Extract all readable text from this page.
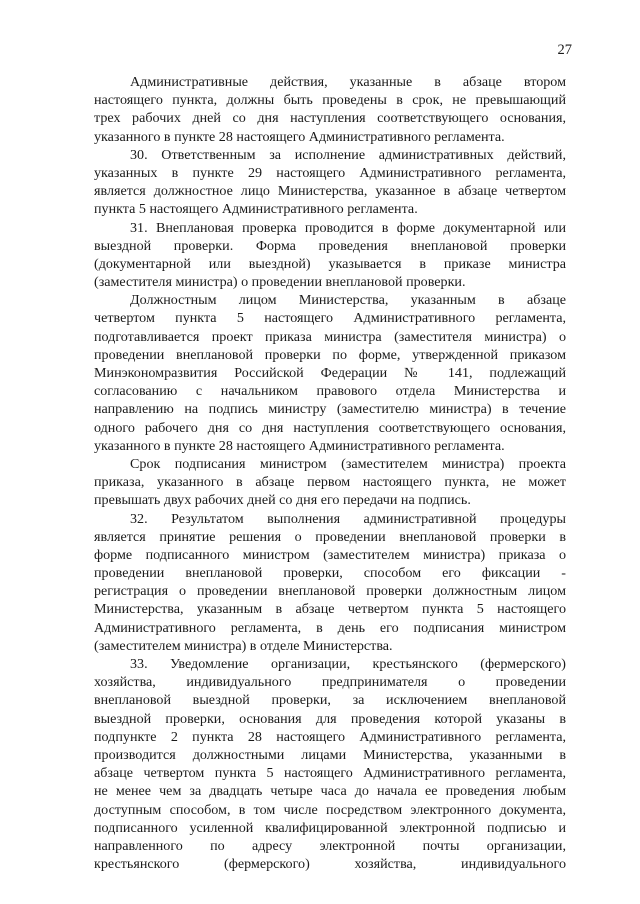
27
Административные действия, указанные в абзаце втором
настоящего пункта, должны быть проведены в срок, не превышающий
трех рабочих дней со дня наступления соответствующего основания,
указанного в пункте 28 настоящего Административного регламента.
30. Ответственным за исполнение административных действий,
указанных в пункте 29 настоящего Административного регламента,
является должностное лицо Министерства, указанное в абзаце четвертом
пункта 5 настоящего Административного регламента.
31. Внеплановая проверка проводится в форме документарной или
выездной проверки. Форма проведения внеплановой проверки
(документарной или выездной) указывается в приказе министра
(заместителя министра) о проведении внеплановой проверки.
Должностным лицом Министерства, указанным в абзаце
четвертом пункта 5 настоящего Административного регламента,
подготавливается проект приказа министра (заместителя министра) о
проведении внеплановой проверки по форме, утвержденной приказом
Минэкономразвития Российской Федерации № 141, подлежащий
согласованию с начальником правового отдела Министерства и
направлению на подпись министру (заместителю министра) в течение
одного рабочего дня со дня наступления соответствующего основания,
указанного в пункте 28 настоящего Административного регламента.
Срок подписания министром (заместителем министра) проекта
приказа, указанного в абзаце первом настоящего пункта, не может
превышать двух рабочих дней со дня его передачи на подпись.
32. Результатом выполнения административной процедуры
является принятие решения о проведении внеплановой проверки в
форме подписанного министром (заместителем министра) приказа о
проведении внеплановой проверки, способом его фиксации -
регистрация о проведении внеплановой проверки должностным лицом
Министерства, указанным в абзаце четвертом пункта 5 настоящего
Административного регламента, в день его подписания министром
(заместителем министра) в отделе Министерства.
33. Уведомление организации, крестьянского (фермерского)
хозяйства, индивидуального предпринимателя о проведении
внеплановой выездной проверки, за исключением внеплановой
выездной проверки, основания для проведения которой указаны в
подпункте 2 пункта 28 настоящего Административного регламента,
производится должностными лицами Министерства, указанными в
абзаце четвертом пункта 5 настоящего Административного регламента,
не менее чем за двадцать четыре часа до начала ее проведения любым
доступным способом, в том числе посредством электронного документа,
подписанного усиленной квалифицированной электронной подписью и
направленного по адресу электронной почты организации,
крестьянского (фермерского) хозяйства, индивидуального
